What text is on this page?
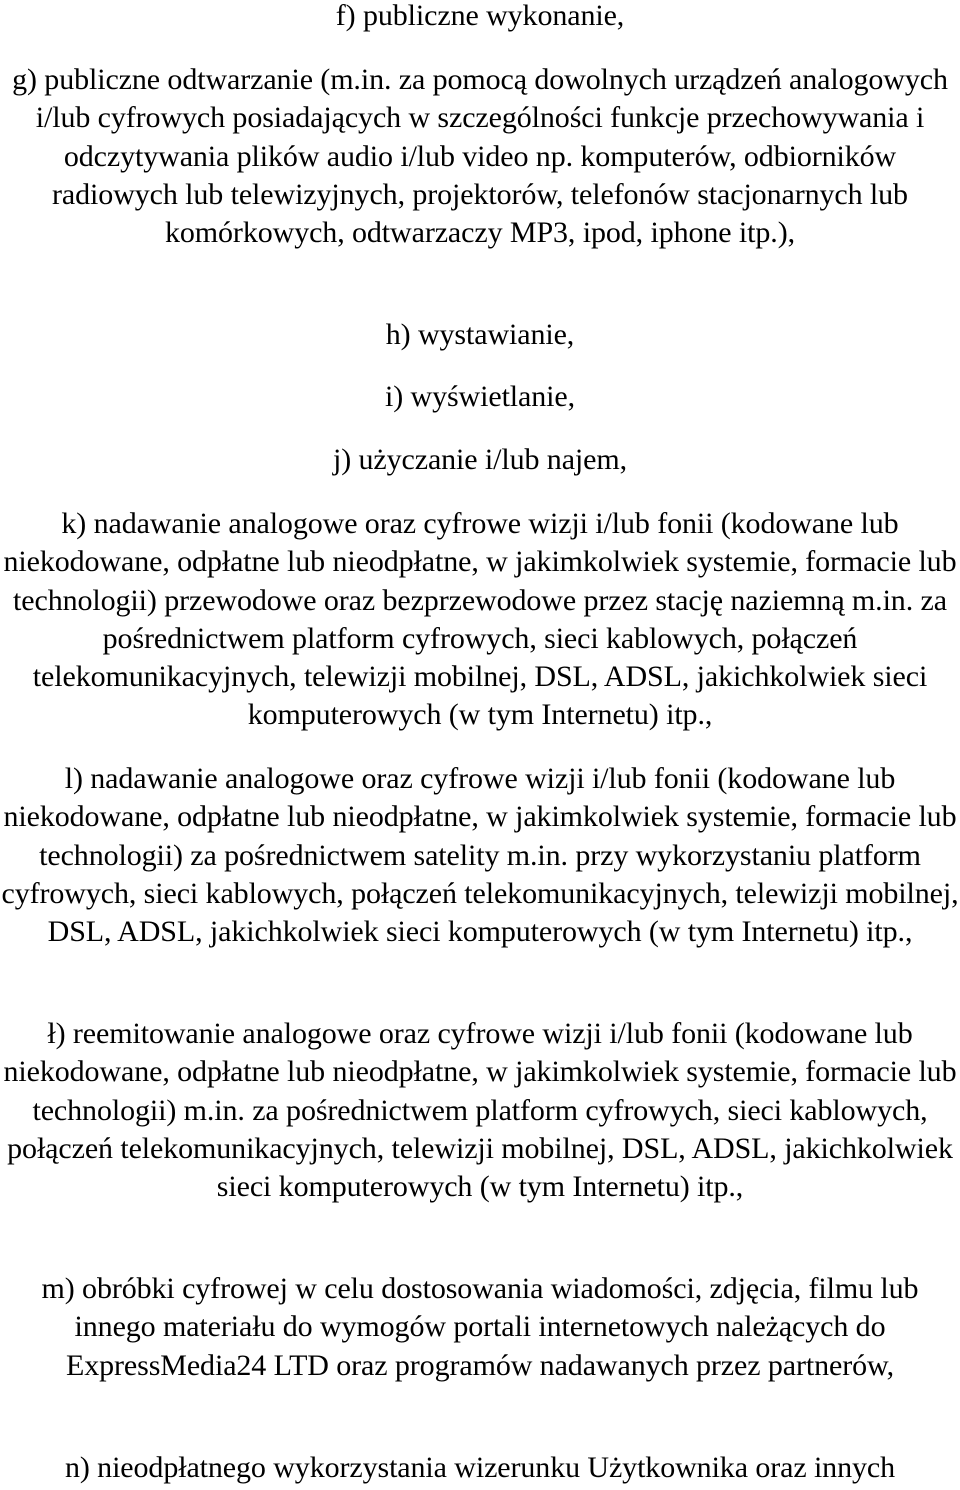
f) publiczne wykonanie,

g) publiczne odtwarzanie (m.in. za pomocą dowolnych urządzeń analogowych i/lub cyfrowych posiadających w szczególności funkcje przechowywania i odczytywania plików audio i/lub video np. komputerów, odbiorników radiowych lub telewizyjnych, projektorów, telefonów stacjonarnych lub komórkowych, odtwarzaczy MP3, ipod, iphone itp.),

h) wystawianie,

i) wyświetlanie,

j) użyczanie i/lub najem,

k) nadawanie analogowe oraz cyfrowe wizji i/lub fonii (kodowane lub niekodowane, odpłatne lub nieodpłatne, w jakimkolwiek systemie, formacie lub technologii) przewodowe oraz bezprzewodowe przez stację naziemną m.in. za pośrednictwem platform cyfrowych, sieci kablowych, połączeń telekomunikacyjnych, telewizji mobilnej, DSL, ADSL, jakichkolwiek sieci komputerowych (w tym Internetu) itp.,

l) nadawanie analogowe oraz cyfrowe wizji i/lub fonii (kodowane lub niekodowane, odpłatne lub nieodpłatne, w jakimkolwiek systemie, formacie lub technologii) za pośrednictwem satelity m.in. przy wykorzystaniu platform cyfrowych, sieci kablowych, połączeń telekomunikacyjnych, telewizji mobilnej, DSL, ADSL, jakichkolwiek sieci komputerowych (w tym Internetu) itp.,

ł) reemitowanie analogowe oraz cyfrowe wizji i/lub fonii (kodowane lub niekodowane, odpłatne lub nieodpłatne, w jakimkolwiek systemie, formacie lub technologii) m.in. za pośrednictwem platform cyfrowych, sieci kablowych, połączeń telekomunikacyjnych, telewizji mobilnej, DSL, ADSL, jakichkolwiek sieci komputerowych (w tym Internetu) itp.,

m) obróbki cyfrowej w celu dostosowania wiadomości, zdjęcia, filmu lub innego materiału do wymogów portali internetowych należących do ExpressMedia24 LTD oraz programów nadawanych przez partnerów,

n) nieodpłatnego wykorzystania wizerunku Użytkownika oraz innych
